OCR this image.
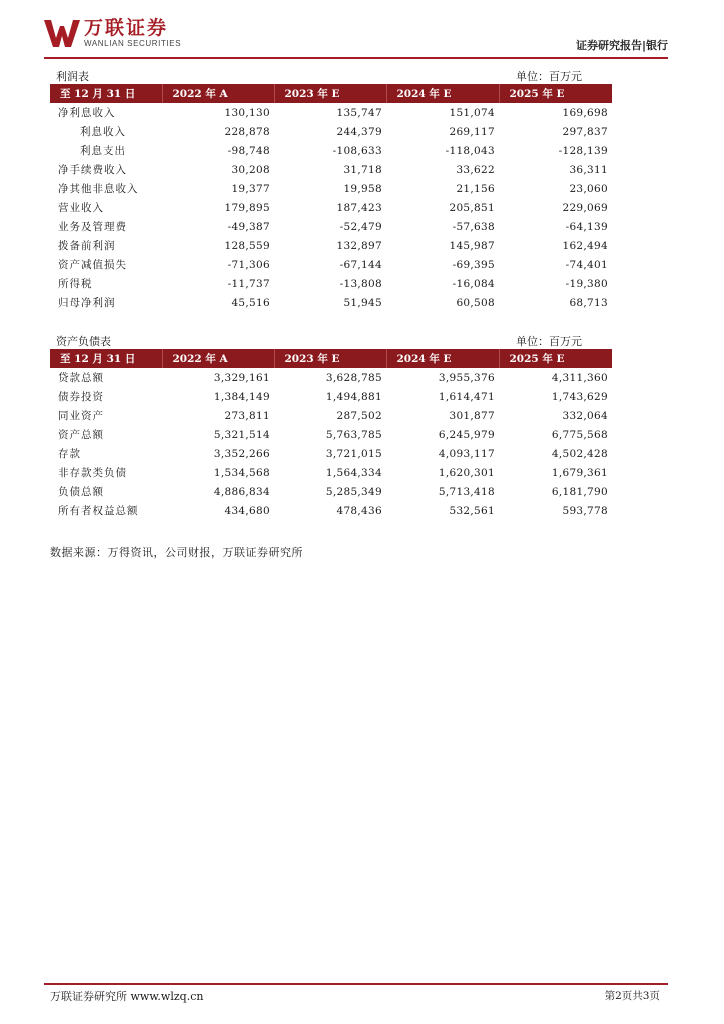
万联证券
WANLIAN SECURITIES	证券研究报告|银行
利润表	单位：百万元
至 12 月 31 日	2022 年 A	2023 年 E	2024 年 E	2025 年 E
净利息收入	130,130	135,747	151,074	169,698
利息收入	228,878	244,379	269,117	297,837
利息支出	-98,748	-108,633	-118,043	-128,139
净手续费收入	30,208	31,718	33,622	36,311
净其他非息收入	19,377	19,958	21,156	23,060
营业收入	179,895	187,423	205,851	229,069
业务及管理费	-49,387	-52,479	-57,638	-64,139
拨备前利润	128,559	132,897	145,987	162,494
资产减值损失	-71,306	-67,144	-69,395	-74,401
所得税	-11,737	-13,808	-16,084	-19,380
归母净利润	45,516	51,945	60,508	68,713
资产负债表	单位：百万元
至 12 月 31 日	2022 年 A	2023 年 E	2024 年 E	2025 年 E
贷款总额	3,329,161	3,628,785	3,955,376	4,311,360
债券投资	1,384,149	1,494,881	1,614,471	1,743,629
同业资产	273,811	287,502	301,877	332,064
资产总额	5,321,514	5,763,785	6,245,979	6,775,568
存款	3,352,266	3,721,015	4,093,117	4,502,428
非存款类负债	1,534,568	1,564,334	1,620,301	1,679,361
负债总额	4,886,834	5,285,349	5,713,418	6,181,790
所有者权益总额	434,680	478,436	532,561	593,778
数据来源：万得资讯，公司财报，万联证券研究所
万联证券研究所 www.wlzq.cn	第2页共3页
